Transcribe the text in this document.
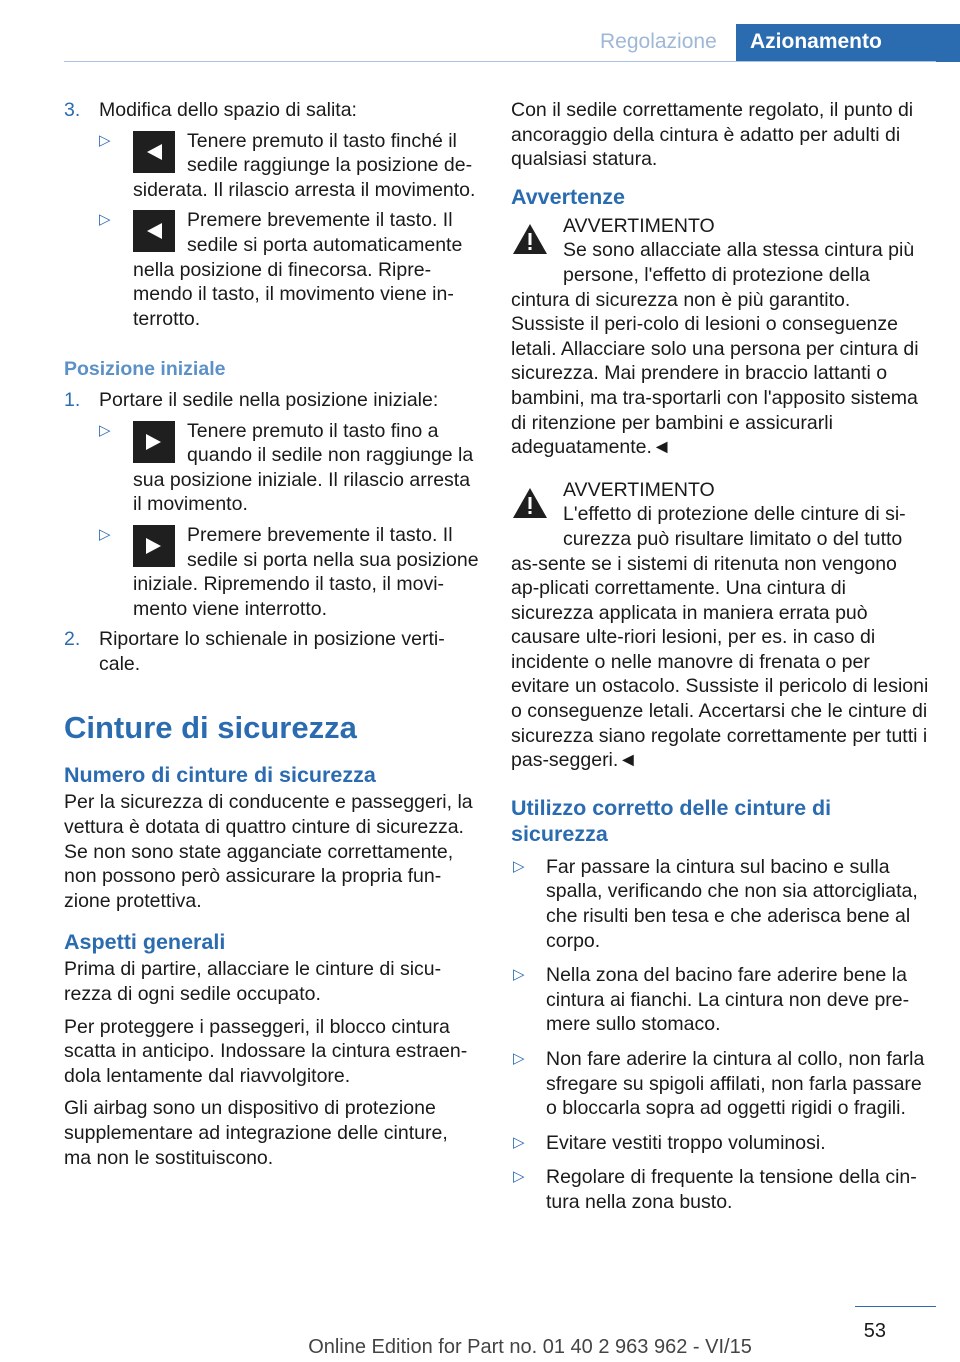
Regolazione	Azionamento
3. Modifica dello spazio di salita:
▷	Tenere premuto il tasto finché il sedile raggiunge la posizione de-siderata. Il rilascio arresta il movimento.
▷	Premere brevemente il tasto. Il sedile si porta automaticamente nella posizione di finecorsa. Ripre-mendo il tasto, il movimento viene in-terrotto.
Posizione iniziale
1. Portare il sedile nella posizione iniziale:
▷	Tenere premuto il tasto fino a quando il sedile non raggiunge la sua posizione iniziale. Il rilascio arresta il movimento.
▷	Premere brevemente il tasto. Il sedile si porta nella sua posizione iniziale. Ripremendo il tasto, il movi-mento viene interrotto.
2. Riportare lo schienale in posizione verti-cale.
Cinture di sicurezza
Numero di cinture di sicurezza

Per la sicurezza di conducente e passeggeri, la vettura è dotata di quattro cinture di sicurezza. Se non sono state agganciate correttamente, non possono però assicurare la propria fun-zione protettiva.

Aspetti generali

Prima di partire, allacciare le cinture di sicu-rezza di ogni sedile occupato.

Per proteggere i passeggeri, il blocco cintura scatta in anticipo. Indossare la cintura estraen-dola lentamente dal riavvolgitore.

Gli airbag sono un dispositivo di protezione supplementare ad integrazione delle cinture, ma non le sostituiscono.

Con il sedile correttamente regolato, il punto di ancoraggio della cintura è adatto per adulti di qualsiasi statura.

Avvertenze
AVVERTIMENTO
Se sono allacciate alla stessa cintura più persone, l'effetto di protezione della cintura di sicurezza non è più garantito. Sussiste il peri-colo di lesioni o conseguenze letali. Allacciare solo una persona per cintura di sicurezza. Mai prendere in braccio lattanti o bambini, ma tra-sportarli con l'apposito sistema di ritenzione per bambini e assicurarli adeguatamente.◄
AVVERTIMENTO
L'effetto di protezione delle cinture di si-curezza può risultare limitato o del tutto as-sente se i sistemi di ritenuta non vengono ap-plicati correttamente. Una cintura di sicurezza applicata in maniera errata può causare ulte-riori lesioni, per es. in caso di incidente o nelle manovre di frenata o per evitare un ostacolo. Sussiste il pericolo di lesioni o conseguenze letali. Accertarsi che le cinture di sicurezza siano regolate correttamente per tutti i pas-seggeri.◄
Utilizzo corretto delle cinture di sicurezza
▷ Far passare la cintura sul bacino e sulla spalla, verificando che non sia attorcigliata, che risulti ben tesa e che aderisca bene al corpo.
▷ Nella zona del bacino fare aderire bene la cintura ai fianchi. La cintura non deve pre-mere sullo stomaco.
▷ Non fare aderire la cintura al collo, non farla sfregare su spigoli affilati, non farla passare o bloccarla sopra ad oggetti rigidi o fragili.
▷ Evitare vestiti troppo voluminosi.
▷ Regolare di frequente la tensione della cin-tura nella zona busto.
53
Online Edition for Part no. 01 40 2 963 962 - VI/15
